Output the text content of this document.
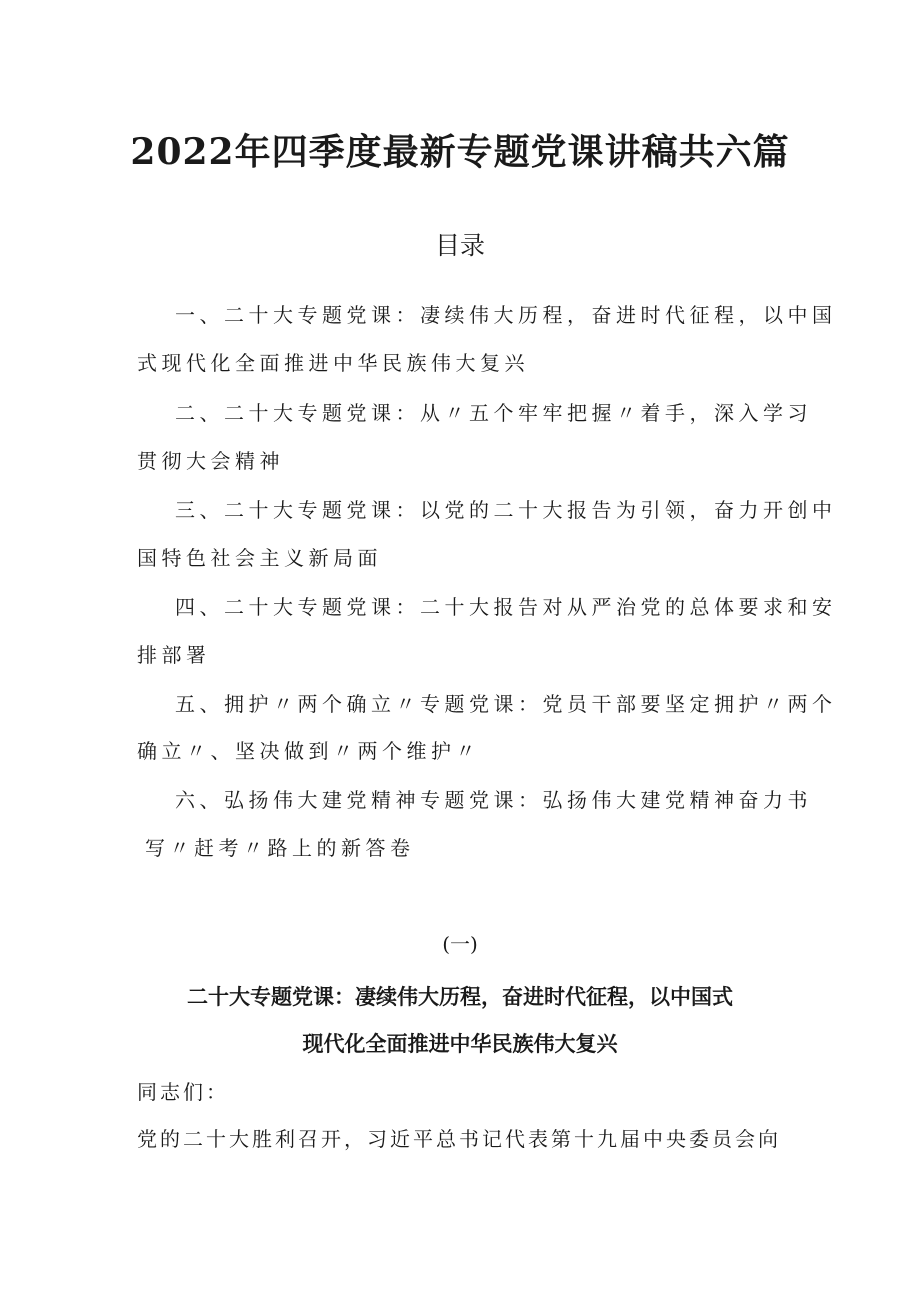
2022年四季度最新专题党课讲稿共六篇
目录
一、二十大专题党课：凄续伟大历程，奋进时代征程，以中国
式现代化全面推进中华民族伟大复兴
二、二十大专题党课：从〃五个牢牢把握〃着手，深入学习
贯彻大会精神
三、二十大专题党课：以党的二十大报告为引领，奋力开创中
国特色社会主义新局面
四、二十大专题党课：二十大报告对从严治党的总体要求和安
排部署
五、拥护〃两个确立〃专题党课：党员干部要坚定拥护〃两个
确立〃、坚决做到〃两个维护〃
六、弘扬伟大建党精神专题党课：弘扬伟大建党精神奋力书
写〃赶考〃路上的新答卷
(一)
二十大专题党课：凄续伟大历程，奋进时代征程，以中国式
现代化全面推进中华民族伟大复兴
同志们：
党的二十大胜利召开，习近平总书记代表第十九届中央委员会向
